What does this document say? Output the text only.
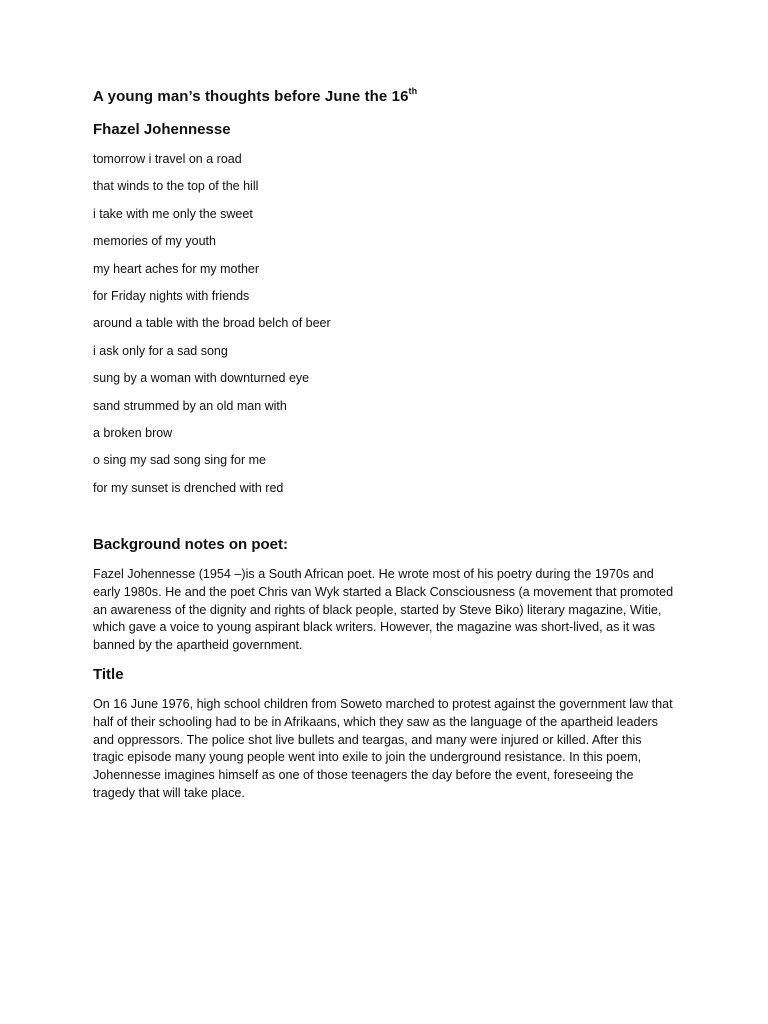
A young man’s thoughts before June the 16th
Fhazel Johennesse
tomorrow i travel on a road
that winds to the top of the hill
i take with me only the sweet
memories of my youth
my heart aches for my mother
for Friday nights with friends
around a table with the broad belch of beer
i ask only for a sad song
sung by a woman with downturned eye
sand strummed by an old man with
a broken brow
o sing my sad song sing for me
for my sunset is drenched with red
Background notes on poet:

Fazel Johennesse (1954 –)is a South African poet. He wrote most of his poetry during the 1970s and early 1980s. He and the poet Chris van Wyk started a Black Consciousness (a movement that promoted an awareness of the dignity and rights of black people, started by Steve Biko) literary magazine, Witie, which gave a voice to young aspirant black writers. However, the magazine was short-lived, as it was banned by the apartheid government.

Title

On 16 June 1976, high school children from Soweto marched to protest against the government law that half of their schooling had to be in Afrikaans, which they saw as the language of the apartheid leaders and oppressors. The police shot live bullets and teargas, and many were injured or killed. After this tragic episode many young people went into exile to join the underground resistance. In this poem, Johennesse imagines himself as one of those teenagers the day before the event, foreseeing the tragedy that will take place.
